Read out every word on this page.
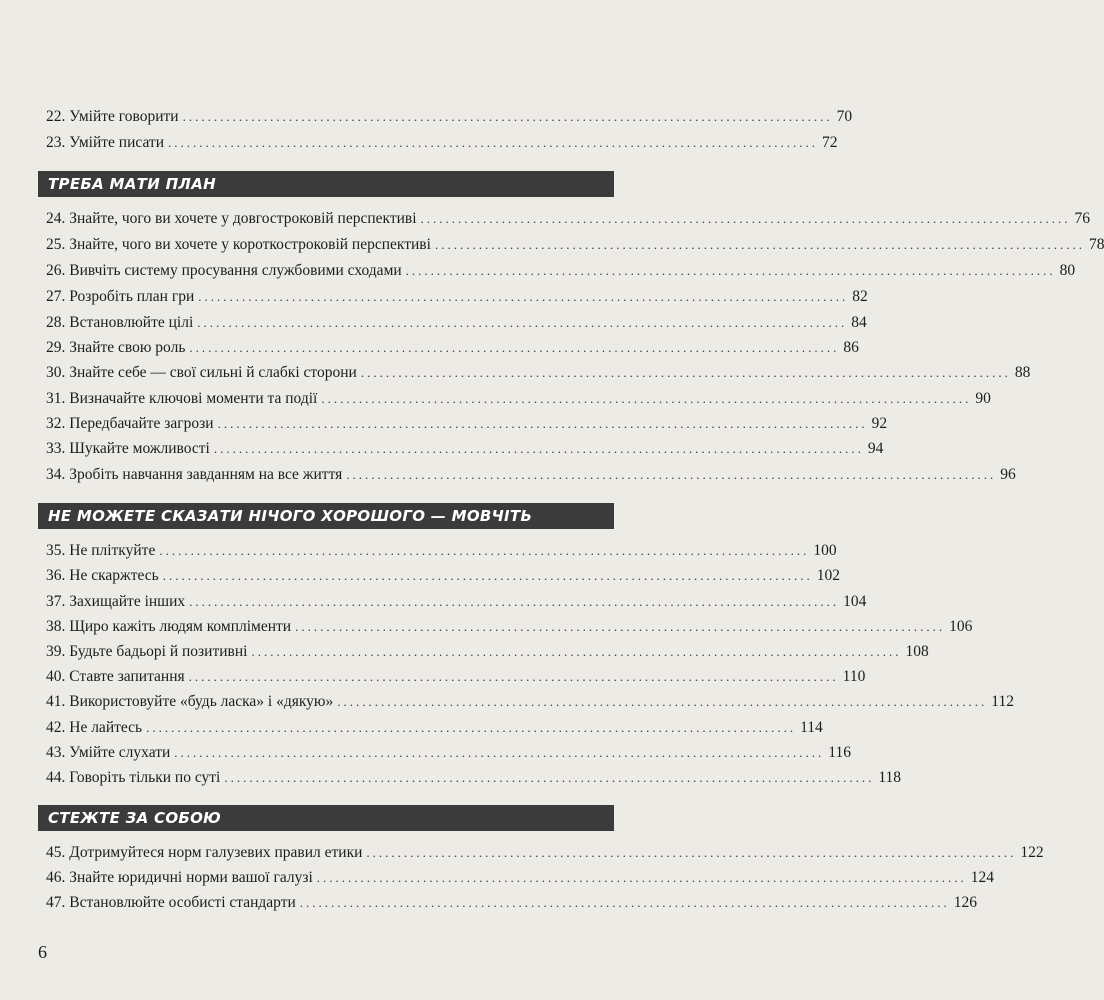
22. Умійте говорити ........................................................................................................ 70
23. Умійте писати ........................................................................................................ 72
ТРЕБА МАТИ ПЛАН
24. Знайте, чого ви хочете у довгостроковій перспективі ........................................................................................................ 76
25. Знайте, чого ви хочете у короткостроковій перспективі ........................................................................................................ 78
26. Вивчіть систему просування службовими сходами ........................................................................................................ 80
27. Розробіть план гри ........................................................................................................ 82
28. Встановлюйте цілі ........................................................................................................ 84
29. Знайте свою роль ........................................................................................................ 86
30. Знайте себе — свої сильні й слабкі сторони ........................................................................................................ 88
31. Визначайте ключові моменти та події ........................................................................................................ 90
32. Передбачайте загрози ........................................................................................................ 92
33. Шукайте можливості ........................................................................................................ 94
34. Зробіть навчання завданням на все життя ........................................................................................................ 96
НЕ МОЖЕТЕ СКАЗАТИ НІЧОГО ХОРОШОГО — МОВЧІТЬ
35. Не пліткуйте ........................................................................................................ 100
36. Не скаржтесь ........................................................................................................ 102
37. Захищайте інших ........................................................................................................ 104
38. Щиро кажіть людям компліменти ........................................................................................................ 106
39. Будьте бадьорі й позитивні ........................................................................................................ 108
40. Ставте запитання ........................................................................................................ 110
41. Використовуйте «будь ласка» і «дякую» ........................................................................................................ 112
42. Не лайтесь ........................................................................................................ 114
43. Умійте слухати ........................................................................................................ 116
44. Говоріть тільки по суті ........................................................................................................ 118
СТЕЖТЕ ЗА СОБОЮ
45. Дотримуйтеся норм галузевих правил етики ........................................................................................................ 122
46. Знайте юридичні норми вашої галузі ........................................................................................................ 124
47. Встановлюйте особисті стандарти ........................................................................................................ 126
6
